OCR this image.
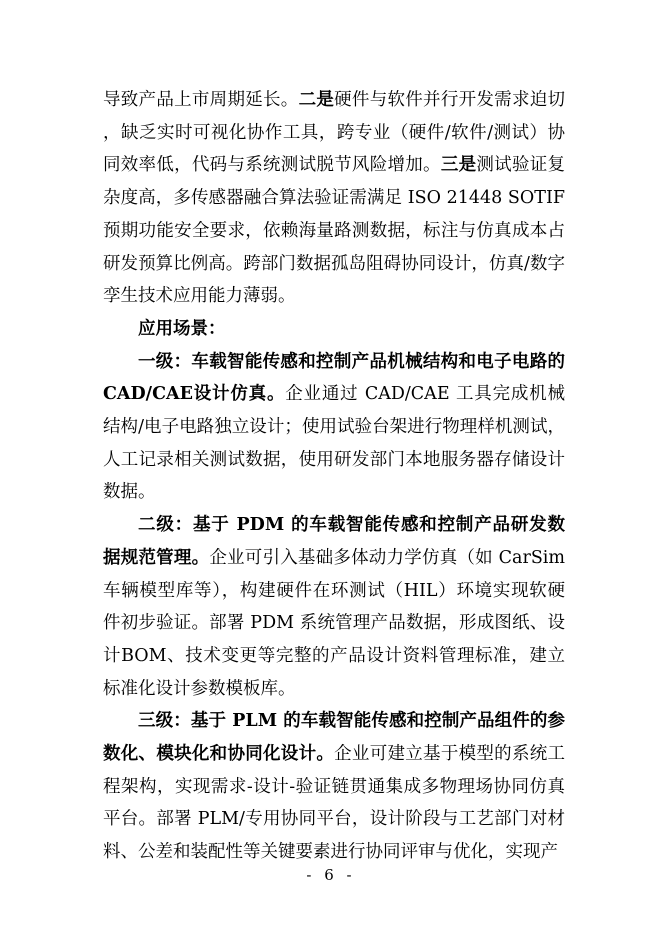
导致产品上市周期延长。二是硬件与软件并行开发需求迫切，缺乏实时可视化协作工具，跨专业（硬件/软件/测试）协同效率低，代码与系统测试脱节风险增加。三是测试验证复杂度高，多传感器融合算法验证需满足 ISO 21448 SOTIF 预期功能安全要求，依赖海量路测数据，标注与仿真成本占研发预算比例高。跨部门数据孤岛阻碍协同设计，仿真/数字孪生技术应用能力薄弱。

应用场景：

一级：车载智能传感和控制产品机械结构和电子电路的CAD/CAE设计仿真。企业通过 CAD/CAE 工具完成机械结构/电子电路独立设计；使用试验台架进行物理样机测试，人工记录相关测试数据，使用研发部门本地服务器存储设计数据。

二级：基于 PDM 的车载智能传感和控制产品研发数据规范管理。企业可引入基础多体动力学仿真（如 CarSim 车辆模型库等），构建硬件在环测试（HIL）环境实现软硬件初步验证。部署 PDM 系统管理产品数据，形成图纸、设计BOM、技术变更等完整的产品设计资料管理标准，建立标准化设计参数模板库。

三级：基于 PLM 的车载智能传感和控制产品组件的参数化、模块化和协同化设计。企业可建立基于模型的系统工程架构，实现需求-设计-验证链贯通集成多物理场协同仿真平台。部署 PLM/专用协同平台，设计阶段与工艺部门对材料、公差和装配性等关键要素进行协同评审与优化，实现产

- 6 -
